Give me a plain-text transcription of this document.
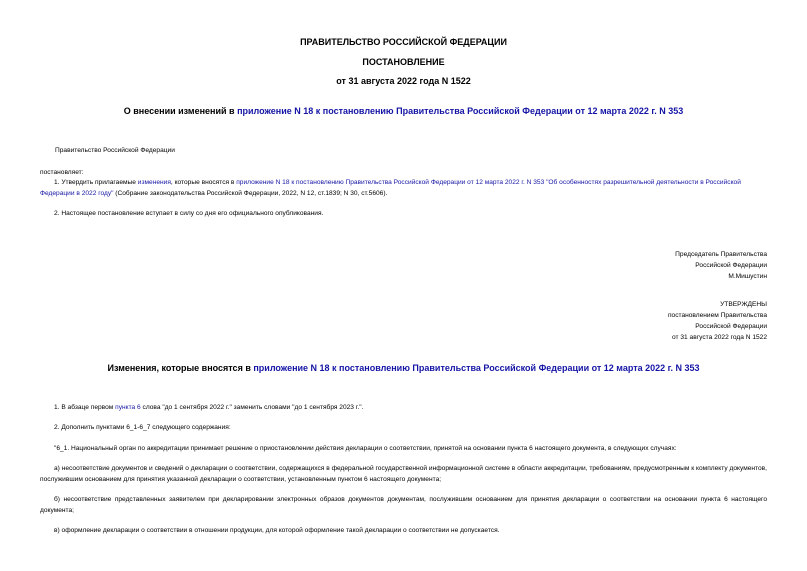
ПРАВИТЕЛЬСТВО РОССИЙСКОЙ ФЕДЕРАЦИИ
ПОСТАНОВЛЕНИЕ
от 31 августа 2022 года N 1522
О внесении изменений в приложение N 18 к постановлению Правительства Российской Федерации от 12 марта 2022 г. N 353
Правительство Российской Федерации
постановляет:
1. Утвердить прилагаемые изменения, которые вносятся в приложение N 18 к постановлению Правительства Российской Федерации от 12 марта 2022 г. N 353 "Об особенностях разрешительной деятельности в Российской Федерации в 2022 году" (Собрание законодательства Российской Федерации, 2022, N 12, ст.1839; N 30, ст.5606).
2. Настоящее постановление вступает в силу со дня его официального опубликования.
Председатель Правительства
Российской Федерации
М.Мишустин
УТВЕРЖДЕНЫ
постановлением Правительства
Российской Федерации
от 31 августа 2022 года N 1522
Изменения, которые вносятся в приложение N 18 к постановлению Правительства Российской Федерации от 12 марта 2022 г. N 353
1. В абзаце первом пункта 6 слова "до 1 сентября 2022 г." заменить словами "до 1 сентября 2023 г.".
2. Дополнить пунктами 6_1-6_7 следующего содержания:
"6_1. Национальный орган по аккредитации принимает решение о приостановлении действия декларации о соответствии, принятой на основании пункта 6 настоящего документа, в следующих случаях:
а) несоответствие документов и сведений о декларации о соответствии, содержащихся в федеральной государственной информационной системе в области аккредитации, требованиям, предусмотренным к комплекту документов, послужившим основанием для принятия указанной декларации о соответствии, установленным пунктом 6 настоящего документа;
б) несоответствие представленных заявителем при декларировании электронных образов документов документам, послужившим основанием для принятия декларации о соответствии на основании пункта 6 настоящего документа;
в) оформление декларации о соответствии в отношении продукции, для которой оформление такой декларации о соответствии не допускается.
